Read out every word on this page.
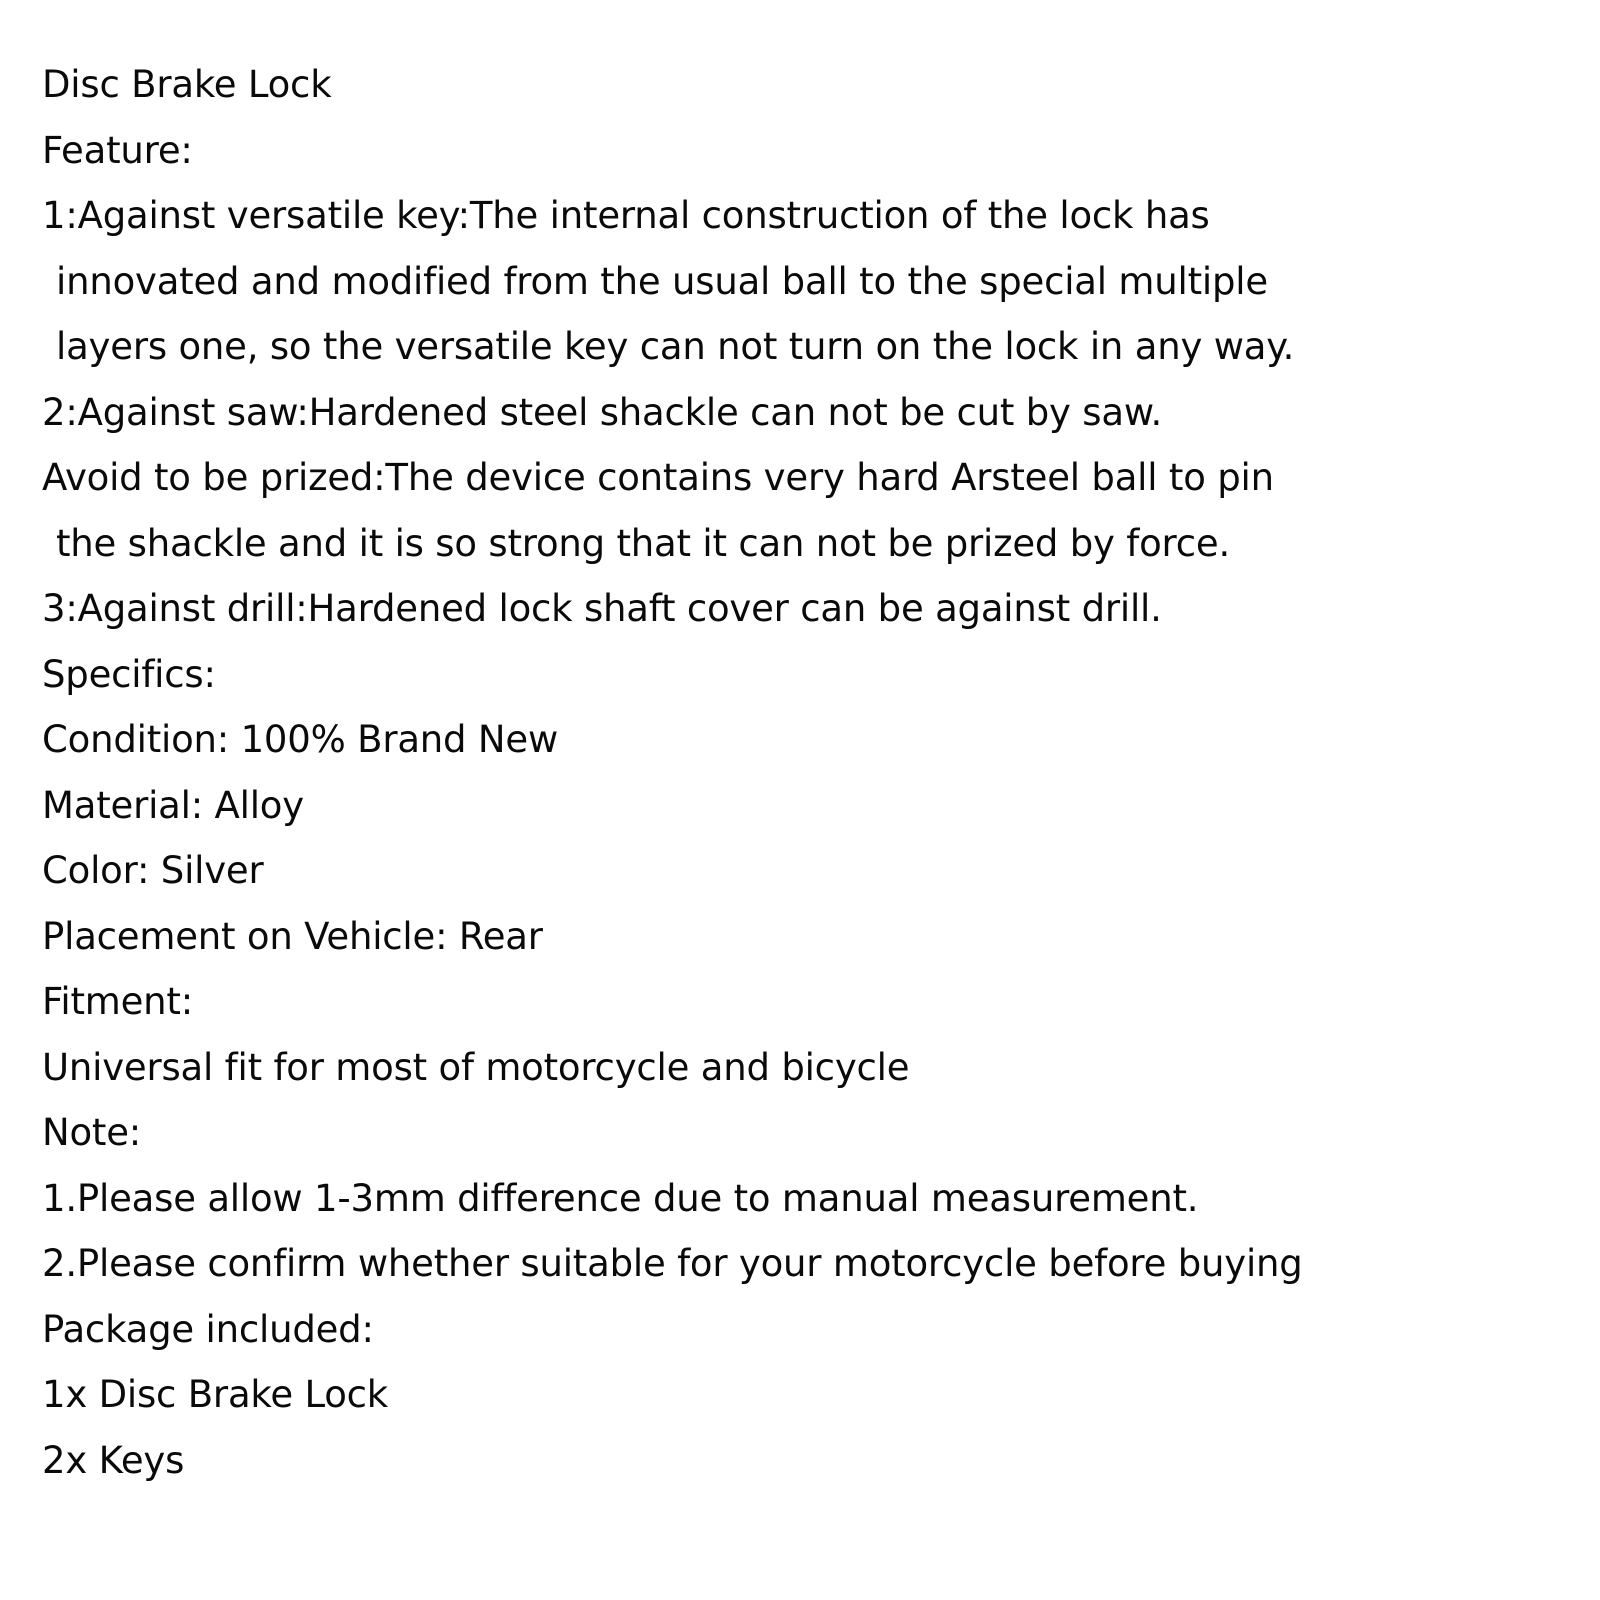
Disc Brake Lock
Feature:
1:Against versatile key:The internal construction of the lock has
innovated and modified from the usual ball to the special multiple
layers one, so the versatile key can not turn on the lock in any way.
2:Against saw:Hardened steel shackle can not be cut by saw.
Avoid to be prized:The device contains very hard Arsteel ball to pin
the shackle and it is so strong that it can not be prized by force.
3:Against drill:Hardened lock shaft cover can be against drill.
Specifics:
Condition: 100% Brand New
Material: Alloy
Color: Silver
Placement on Vehicle: Rear
Fitment:
Universal fit for most of motorcycle and bicycle
Note:
1.Please allow 1-3mm difference due to manual measurement.
2.Please confirm whether suitable for your motorcycle before buying
Package included:
1x Disc Brake Lock
2x Keys
